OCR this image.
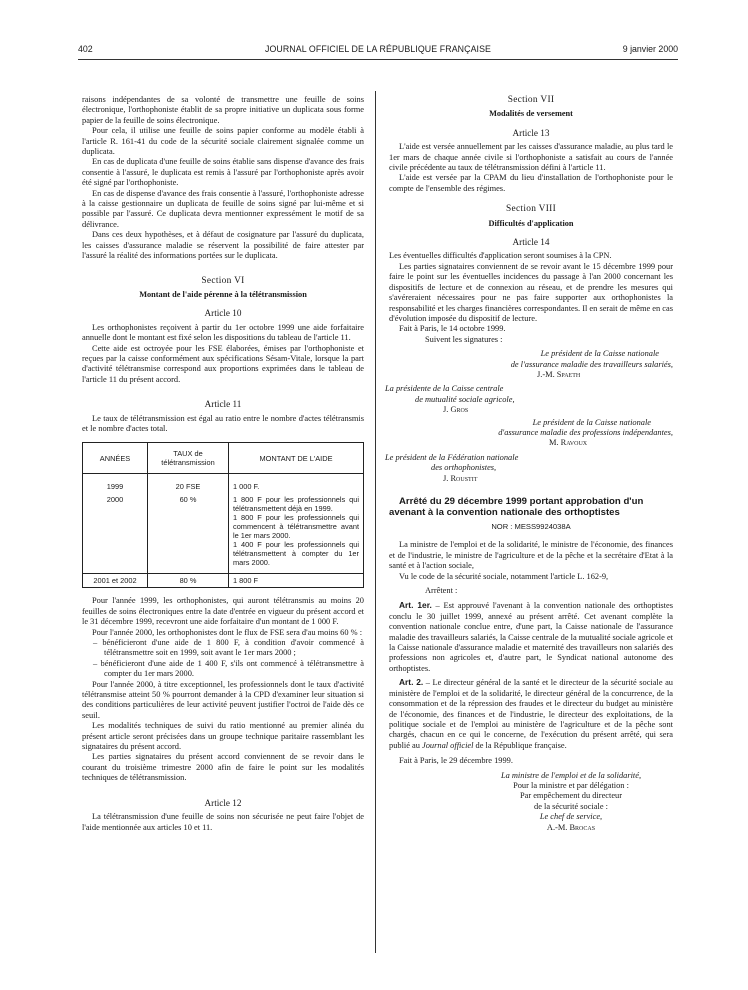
402	JOURNAL OFFICIEL DE LA RÉPUBLIQUE FRANÇAISE	9 janvier 2000

raisons indépendantes de sa volonté de transmettre une feuille de soins électronique, l'orthophoniste établit de sa propre initiative un duplicata sous forme papier de la feuille de soins électronique.

Pour cela, il utilise une feuille de soins papier conforme au modèle établi à l'article R. 161-41 du code de la sécurité sociale clairement signalée comme un duplicata.

En cas de duplicata d'une feuille de soins établie sans dispense d'avance des frais consentie à l'assuré, le duplicata est remis à l'assuré par l'orthophoniste après avoir été signé par l'orthophoniste.

En cas de dispense d'avance des frais consentie à l'assuré, l'orthophoniste adresse à la caisse gestionnaire un duplicata de feuille de soins signé par lui-même et si possible par l'assuré. Ce duplicata devra mentionner expressément le motif de sa délivrance.

Dans ces deux hypothèses, et à défaut de cosignature par l'assuré du duplicata, les caisses d'assurance maladie se réservent la possibilité de faire attester par l'assuré la réalité des informations portées sur le duplicata.

Section VI
Montant de l'aide pérenne à la télétransmission
Article 10

Les orthophonistes reçoivent à partir du 1er octobre 1999 une aide forfaitaire annuelle dont le montant est fixé selon les dispositions du tableau de l'article 11.

Cette aide est octroyée pour les FSE élaborées, émises par l'orthophoniste et reçues par la caisse conformément aux spécifications Sésam-Vitale, lorsque la part d'activité télétransmise correspond aux proportions exprimées dans le tableau de l'article 11 du présent accord.

Article 11

Le taux de télétransmission est égal au ratio entre le nombre d'actes télétransmis et le nombre d'actes total.

ANNÉES	TAUX de télétransmission	MONTANT DE L'AIDE
1999	20 FSE	1 000 F.
2000	60 %	1 800 F pour les professionnels qui télétransmettent déjà en 1999.
1 800 F pour les professionnels qui commencent à télétransmettre avant le 1er mars 2000.
1 400 F pour les professionnels qui télétransmettent à compter du 1er mars 2000.

2001 et 2002	80 %	1 800 F

Pour l'année 1999, les orthophonistes, qui auront télétransmis au moins 20 feuilles de soins électroniques entre la date d'entrée en vigueur du présent accord et le 31 décembre 1999, recevront une aide forfaitaire d'un montant de 1 000 F.

Pour l'année 2000, les orthophonistes dont le flux de FSE sera d'au moins 60 % :

– bénéficieront d'une aide de 1 800 F, à condition d'avoir commencé à télétransmettre soit en 1999, soit avant le 1er mars 2000 ;

– bénéficieront d'une aide de 1 400 F, s'ils ont commencé à télétransmettre à compter du 1er mars 2000.

Pour l'année 2000, à titre exceptionnel, les professionnels dont le taux d'activité télétransmise atteint 50 % pourront demander à la CPD d'examiner leur situation si des conditions particulières de leur activité peuvent justifier l'octroi de l'aide dès ce seuil.

Les modalités techniques de suivi du ratio mentionné au premier alinéa du présent article seront précisées dans un groupe technique paritaire rassemblant les signataires du présent accord.

Les parties signataires du présent accord conviennent de se revoir dans le courant du troisième trimestre 2000 afin de faire le point sur les modalités techniques de télétransmission.

Article 12

La télétransmission d'une feuille de soins non sécurisée ne peut faire l'objet de l'aide mentionnée aux articles 10 et 11.

Section VII
Modalités de versement
Article 13

L'aide est versée annuellement par les caisses d'assurance maladie, au plus tard le 1er mars de chaque année civile si l'orthophoniste a satisfait au cours de l'année civile précédente au taux de télétransmission défini à l'article 11.

L'aide est versée par la CPAM du lieu d'installation de l'orthophoniste pour le compte de l'ensemble des régimes.

Section VIII
Difficultés d'application
Article 14

Les éventuelles difficultés d'application seront soumises à la CPN.

Les parties signataires conviennent de se revoir avant le 15 décembre 1999 pour faire le point sur les éventuelles incidences du passage à l'an 2000 concernant les dispositifs de lecture et de connexion au réseau, et de prendre les mesures qui s'avéreraient nécessaires pour ne pas faire supporter aux orthophonistes la responsabilité et les charges financières correspondantes. Il en serait de même en cas d'évolution imposée du dispositif de lecture.

Fait à Paris, le 14 octobre 1999.

Suivent les signatures :

Le président de la Caisse nationale
de l'assurance maladie des travailleurs salariés,
J.-M. Spaeth
La présidente de la Caisse centrale
de mutualité sociale agricole,
J. Gros
Le président de la Caisse nationale
d'assurance maladie des professions indépendantes,
M. Ravoux
Le président de la Fédération nationale
des orthophonistes,
J. Roustit
Arrêté du 29 décembre 1999 portant approbation d'un avenant à la convention nationale des orthoptistes
NOR : MESS9924038A

La ministre de l'emploi et de la solidarité, le ministre de l'économie, des finances et de l'industrie, le ministre de l'agriculture et de la pêche et la secrétaire d'Etat à la santé et à l'action sociale,

Vu le code de la sécurité sociale, notamment l'article L. 162-9,

Arrêtent :

Art. 1er. – Est approuvé l'avenant à la convention nationale des orthoptistes conclu le 30 juillet 1999, annexé au présent arrêté. Cet avenant complète la convention nationale conclue entre, d'une part, la Caisse nationale de l'assurance maladie des travailleurs salariés, la Caisse centrale de la mutualité sociale agricole et la Caisse nationale d'assurance maladie et maternité des travailleurs non salariés des professions non agricoles et, d'autre part, le Syndicat national autonome des orthoptistes.

Art. 2. – Le directeur général de la santé et le directeur de la sécurité sociale au ministère de l'emploi et de la solidarité, le directeur général de la concurrence, de la consommation et de la répression des fraudes et le directeur du budget au ministère de l'économie, des finances et de l'industrie, le directeur des exploitations, de la politique sociale et de l'emploi au ministère de l'agriculture et de la pêche sont chargés, chacun en ce qui le concerne, de l'exécution du présent arrêté, qui sera publié au Journal officiel de la République française.

Fait à Paris, le 29 décembre 1999.

La ministre de l'emploi et de la solidarité,
Pour la ministre et par délégation :
Par empêchement du directeur
de la sécurité sociale :
Le chef de service,
A.-M. Brocas
